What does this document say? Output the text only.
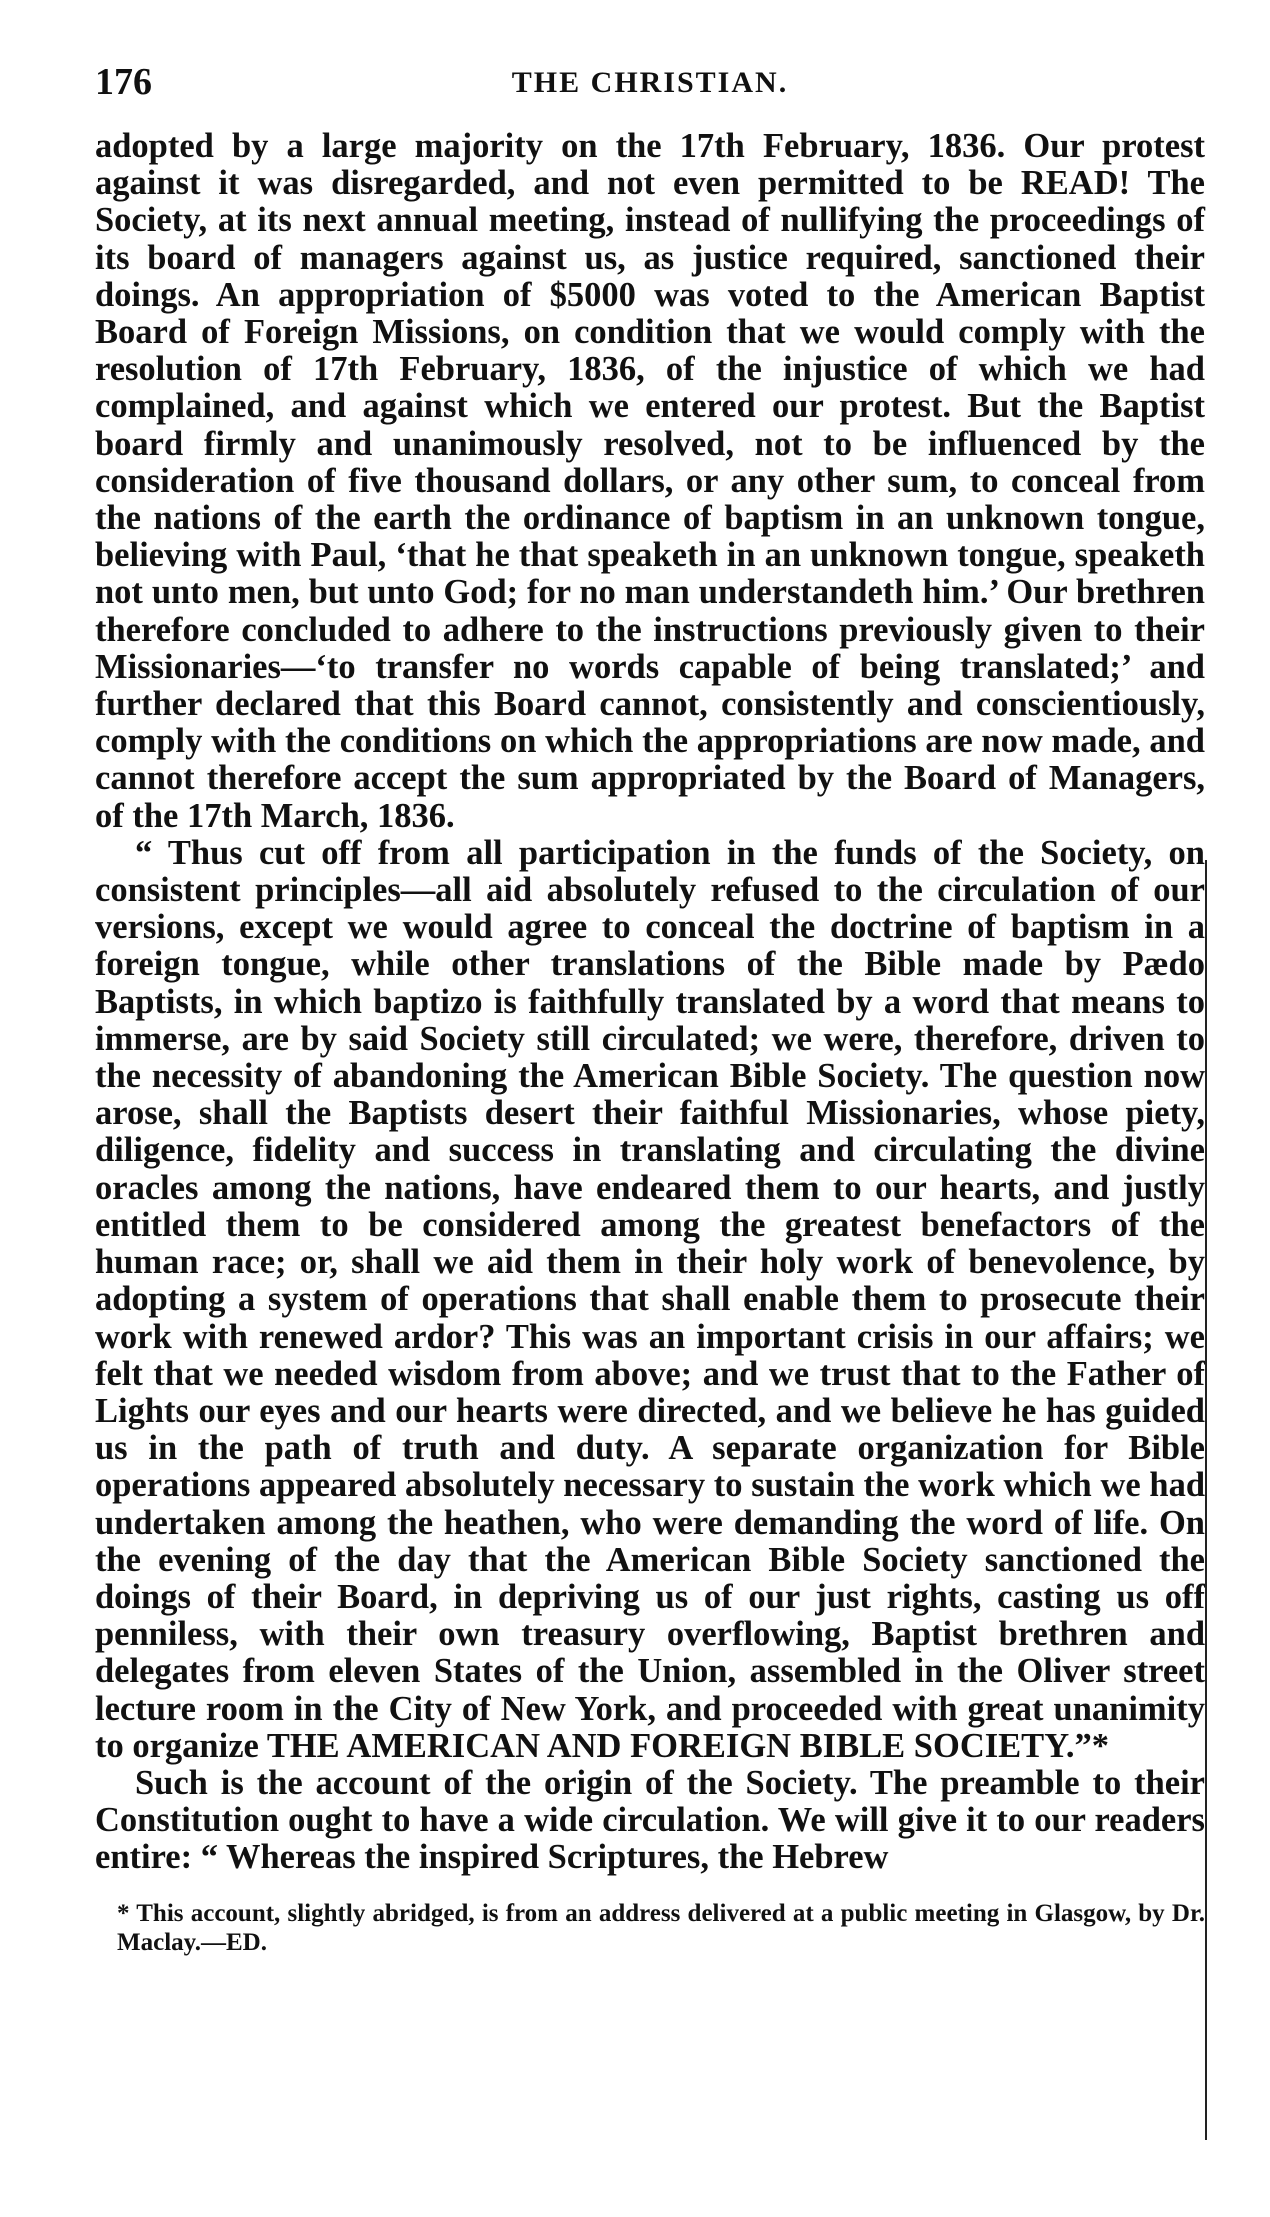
176	THE CHRISTIAN.

adopted by a large majority on the 17th February, 1836. Our protest against it was disregarded, and not even permitted to be READ! The Society, at its next annual meeting, instead of nullifying the proceedings of its board of managers against us, as justice required, sanctioned their doings. An appropriation of $5000 was voted to the American Baptist Board of Foreign Missions, on condition that we would comply with the resolution of 17th February, 1836, of the injustice of which we had complained, and against which we entered our protest. But the Baptist board firmly and unanimously resolved, not to be influenced by the consideration of five thousand dollars, or any other sum, to conceal from the nations of the earth the ordinance of baptism in an unknown tongue, believing with Paul, ‘that he that speaketh in an unknown tongue, speaketh not unto men, but unto God; for no man understandeth him.’ Our brethren therefore concluded to adhere to the instructions previously given to their Missionaries—‘to transfer no words capable of being translated;’ and further declared that this Board cannot, consistently and conscientiously, comply with the conditions on which the appropriations are now made, and cannot therefore accept the sum appropriated by the Board of Managers, of the 17th March, 1836.

“ Thus cut off from all participation in the funds of the Society, on consistent principles—all aid absolutely refused to the circulation of our versions, except we would agree to conceal the doctrine of baptism in a foreign tongue, while other translations of the Bible made by Pædo Baptists, in which baptizo is faithfully translated by a word that means to immerse, are by said Society still circulated; we were, therefore, driven to the necessity of abandoning the American Bible Society. The question now arose, shall the Baptists desert their faithful Missionaries, whose piety, diligence, fidelity and success in translating and circulating the divine oracles among the nations, have endeared them to our hearts, and justly entitled them to be considered among the greatest benefactors of the human race; or, shall we aid them in their holy work of benevolence, by adopting a system of operations that shall enable them to prosecute their work with renewed ardor? This was an important crisis in our affairs; we felt that we needed wisdom from above; and we trust that to the Father of Lights our eyes and our hearts were directed, and we believe he has guided us in the path of truth and duty. A separate organization for Bible operations appeared absolutely necessary to sustain the work which we had undertaken among the heathen, who were demanding the word of life. On the evening of the day that the American Bible Society sanctioned the doings of their Board, in depriving us of our just rights, casting us off penniless, with their own treasury overflowing, Baptist brethren and delegates from eleven States of the Union, assembled in the Oliver street lecture room in the City of New York, and proceeded with great unanimity to organize THE AMERICAN AND FOREIGN BIBLE SOCIETY.”*

Such is the account of the origin of the Society. The preamble to their Constitution ought to have a wide circulation. We will give it to our readers entire: “ Whereas the inspired Scriptures, the Hebrew

* This account, slightly abridged, is from an address delivered at a public meeting in Glasgow, by Dr. Maclay.—ED.
